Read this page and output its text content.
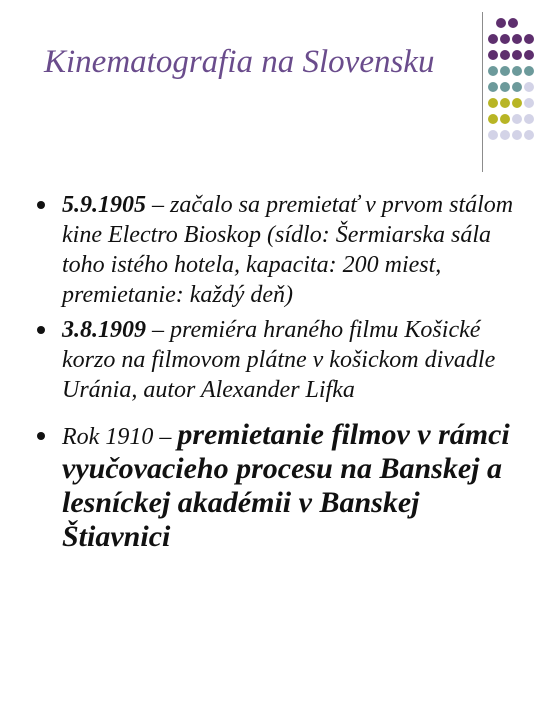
Kinematografia na Slovensku
5.9.1905 – začalo sa premietať v prvom stálom kine Electro Bioskop (sídlo: Šermiarska sála toho istého hotela, kapacita: 200 miest, premietanie: každý deň)
3.8.1909 – premiéra hraného filmu Košické korzo na filmovom plátne v košickom divadle Uránia, autor Alexander Lifka
Rok 1910 – premietanie filmov v rámci vyučovacieho procesu na Banskej a lesníckej akadémii v Banskej Štiavnici
